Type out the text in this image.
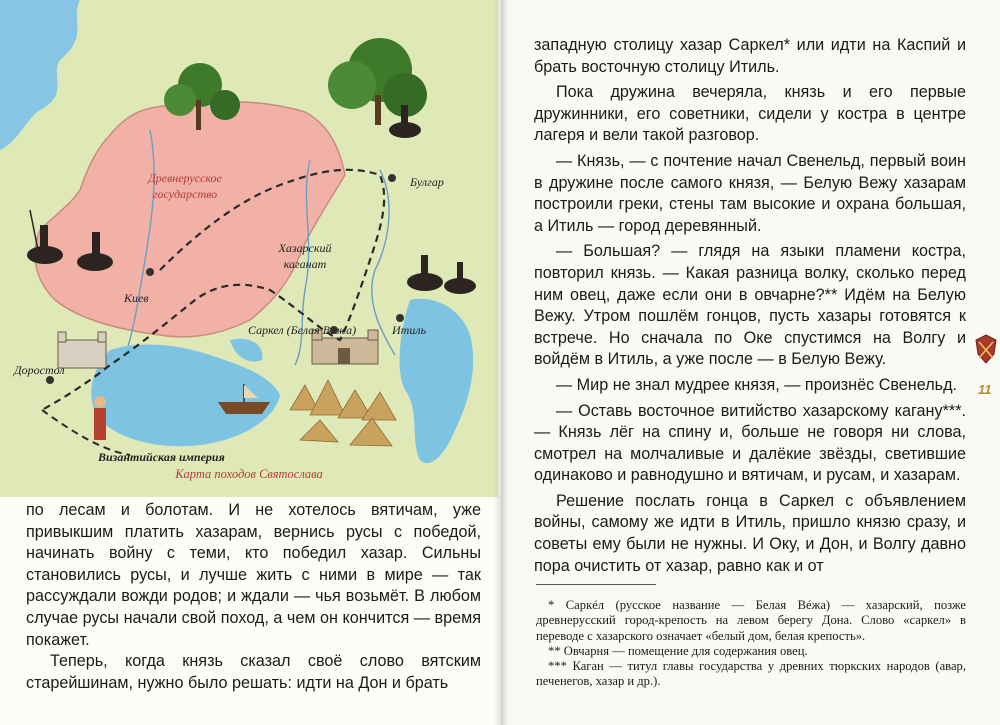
Древнерусское
государство
Булгар
Хазарский
каганат
Киев
Саркел (Белая Вежа)	Итиль
Доростол
Византийская империя
Карта походов Святослава

по лесам и болотам. И не хотелось вятичам, уже привыкшим платить хазарам, вернись русы с победой, начинать войну с теми, кто победил хазар. Сильны становились русы, и лучше жить с ними в мире — так рассуждали вожди родов; и ждали — чья возьмёт. В любом случае русы начали свой поход, а чем он кончится — время покажет.

Теперь, когда князь сказал своё слово вятским старейшинам, нужно было решать: идти на Дон и брать

западную столицу хазар Саркел* или идти на Каспий и брать восточную столицу Итиль.

Пока дружина вечеряла, князь и его первые дружинники, его советники, сидели у костра в центре лагеря и вели такой разговор.

— Князь, — с почтение начал Свенельд, первый воин в дружине после самого князя, — Белую Вежу хазарам построили греки, стены там высокие и охрана большая, а Итиль — город деревянный.

— Большая? — глядя на языки пламени костра, повторил князь. — Какая разница волку, сколько перед ним овец, даже если они в овчарне?** Идём на Белую Вежу. Утром пошлём гонцов, пусть хазары готовятся к встрече. Но сначала по Оке спустимся на Волгу и войдём в Итиль, а уже после — в Белую Вежу.

— Мир не знал мудрее князя, — произнёс Свенельд.

— Оставь восточное витийство хазарскому кагану***. — Князь лёг на спину и, больше не говоря ни слова, смотрел на молчаливые и далёкие звёзды, светившие одинаково и равнодушно и вятичам, и русам, и хазарам.

Решение послать гонца в Саркел с объявлением войны, самому же идти в Итиль, пришло князю сразу, и советы ему были не нужны. И Оку, и Дон, и Волгу давно пора очистить от хазар, равно как и от

* Саркéл (русское название — Белая Вéжа) — хазарский, позже древнерусский город-крепость на левом берегу Дона. Слово «саркел» в переводе с хазарского означает «белый дом, белая крепость».

** Овчарня — помещение для содержания овец.

*** Каган — титул главы государства у древних тюркских народов (авар, печенегов, хазар и др.).

11
